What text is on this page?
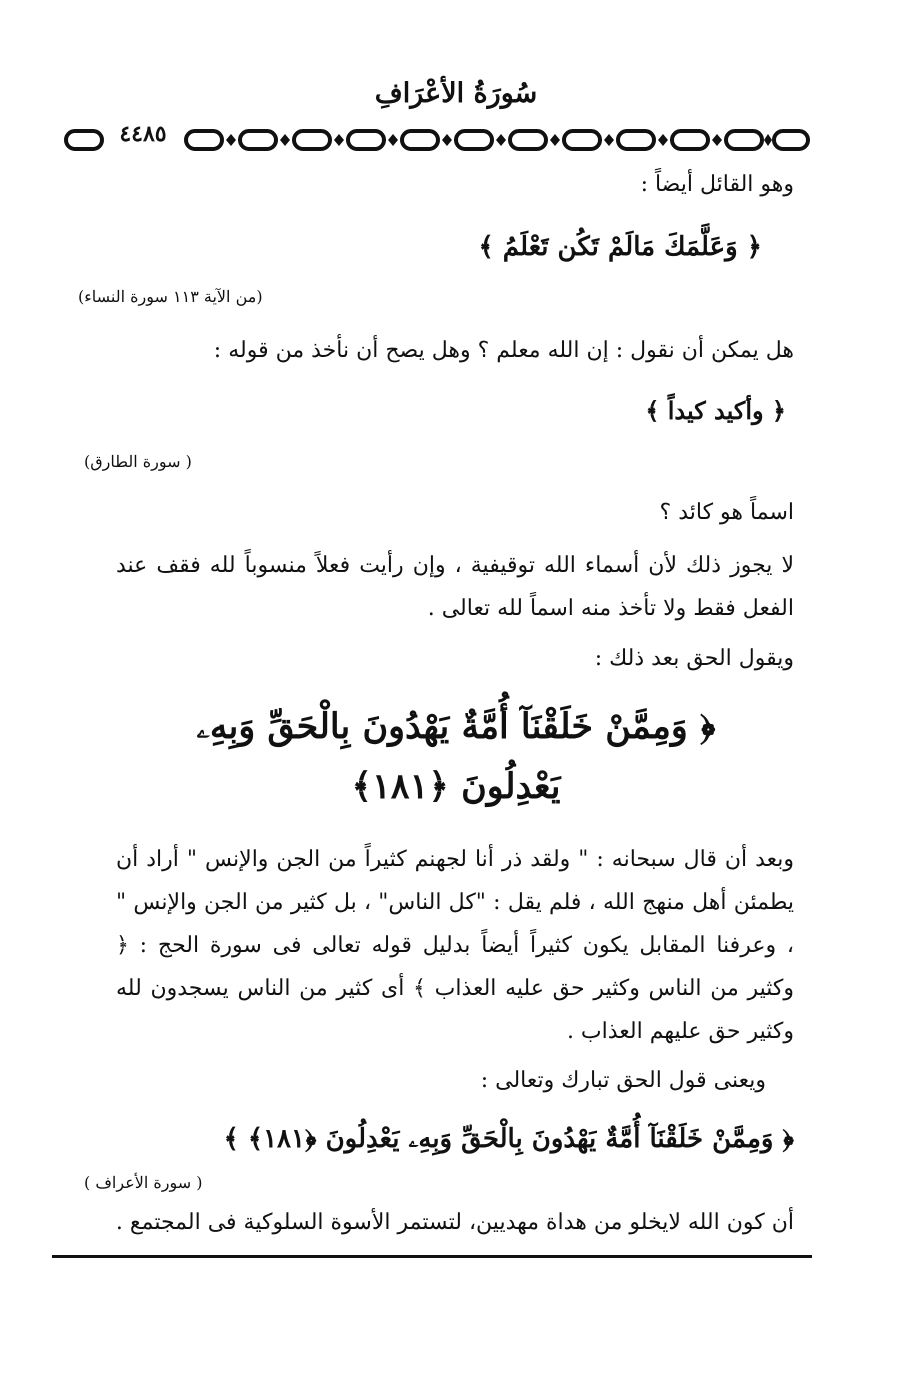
سُورَةُ الأعْرَافِ
٤٤٨٥
وهو القائل أيضاً :
﴿ وَعَلَّمَكَ مَالَمْ تَكُن تَعْلَمُ ﴾
(من الآية ١١٣ سورة النساء)
هل يمكن أن نقول : إن الله معلم ؟ وهل يصح أن نأخذ من قوله :
﴿ وأكيد كيداً ﴾
( سورة الطارق)
اسماً هو كائد ؟
لا يجوز ذلك لأن أسماء الله توقيفية ، وإن رأيت فعلاً منسوباً لله فقف عند الفعل فقط ولا تأخذ منه اسماً لله تعالى .
ويقول الحق بعد ذلك :
﴿ وَمِمَّنْ خَلَقْنَآ أُمَّةٌ يَهْدُونَ بِالْحَقِّ وَبِهِۦ
يَعْدِلُونَ ﴿١٨١﴾
وبعد أن قال سبحانه : " ولقد ذر أنا لجهنم كثيراً من الجن والإنس " أراد أن يطمئن أهل منهج الله ، فلم يقل : "كل الناس" ، بل كثير من الجن والإنس " ، وعرفنا المقابل يكون كثيراً أيضاً بدليل قوله تعالى فى سورة الحج : ﴿ وكثير من الناس وكثير حق عليه العذاب ﴾ أى كثير من الناس يسجدون لله وكثير حق عليهم العذاب .
ويعنى قول الحق تبارك وتعالى :
﴿ وَمِمَّنْ خَلَقْنَآ أُمَّةٌ يَهْدُونَ بِالْحَقِّ وَبِهِۦ يَعْدِلُونَ ﴿١٨١﴾ ﴾
( سورة الأعراف )
أن كون الله لايخلو من هداة مهديين، لتستمر الأسوة السلوكية فى المجتمع .
